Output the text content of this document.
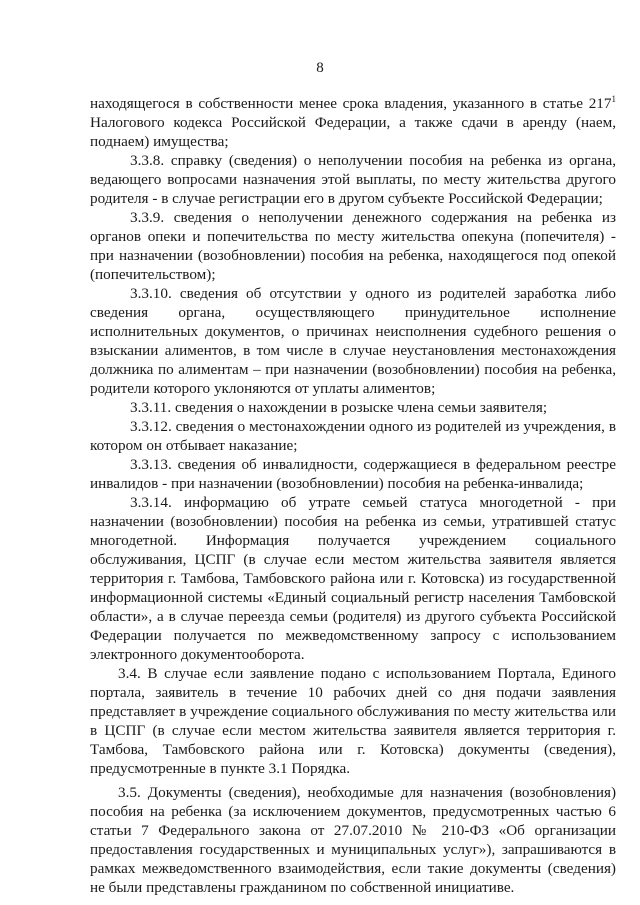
8

находящегося в собственности менее срока владения, указанного в статье $217^1$ Налогового кодекса Российской Федерации, а также сдачи в аренду (наем, поднаем) имущества;

3.3.8. справку (сведения) о неполучении пособия на ребенка из органа, ведающего вопросами назначения этой выплаты, по месту жительства другого родителя - в случае регистрации его в другом субъекте Российской Федерации;

3.3.9. сведения о неполучении денежного содержания на ребенка из органов опеки и попечительства по месту жительства опекуна (попечителя) - при назначении (возобновлении) пособия на ребенка, находящегося под опекой (попечительством);

3.3.10. сведения об отсутствии у одного из родителей заработка либо сведения органа, осуществляющего принудительное исполнение исполнительных документов, о причинах неисполнения судебного решения о взыскании алиментов, в том числе в случае неустановления местонахождения должника по алиментам – при назначении (возобновлении) пособия на ребенка, родители которого уклоняются от уплаты алиментов;

3.3.11. сведения о нахождении в розыске члена семьи заявителя;

3.3.12. сведения о местонахождении одного из родителей из учреждения, в котором он отбывает наказание;

3.3.13. сведения об инвалидности, содержащиеся в федеральном реестре инвалидов - при назначении (возобновлении) пособия на ребенка-инвалида;

3.3.14. информацию об утрате семьей статуса многодетной - при назначении (возобновлении) пособия на ребенка из семьи, утратившей статус многодетной. Информация получается учреждением социального обслуживания, ЦСПГ (в случае если местом жительства заявителя является территория г. Тамбова, Тамбовского района или г. Котовска) из государственной информационной системы «Единый социальный регистр населения Тамбовской области», а в случае переезда семьи (родителя) из другого субъекта Российской Федерации получается по межведомственному запросу с использованием электронного документооборота.

3.4. В случае если заявление подано с использованием Портала, Единого портала, заявитель в течение 10 рабочих дней со дня подачи заявления представляет в учреждение социального обслуживания по месту жительства или в ЦСПГ (в случае если местом жительства заявителя является территория г. Тамбова, Тамбовского района или г. Котовска) документы (сведения), предусмотренные в пункте 3.1 Порядка.

3.5. Документы (сведения), необходимые для назначения (возобновления) пособия на ребенка (за исключением документов, предусмотренных частью 6 статьи 7 Федерального закона от 27.07.2010 № 210-ФЗ «Об организации предоставления государственных и муниципальных услуг»), запрашиваются в рамках межведомственного взаимодействия, если такие документы (сведения) не были представлены гражданином по собственной инициативе.
